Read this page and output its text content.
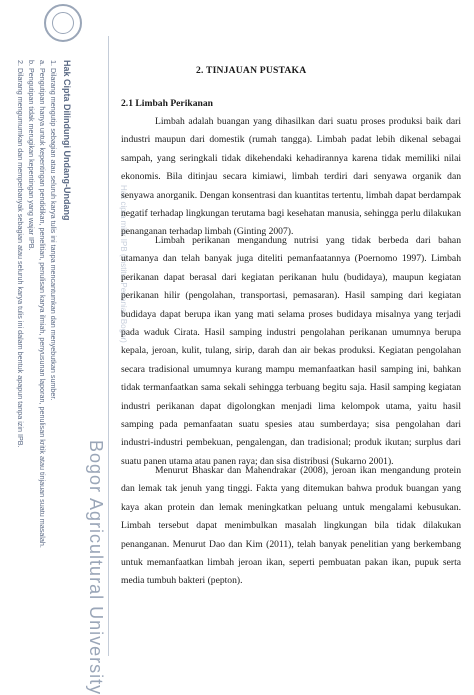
Hak Cipta Dilindungi Undang-Undang
1. Dilarang mengutip sebagian atau seluruh karya tulis ini tanpa mencantumkan dan menyebutkan sumber.
a. Pengutipan hanya untuk kepentingan pendidikan, penelitian, penulisan karya ilmiah, penyusunan laporan, penulisan kritik atau tinjauan suatu masalah.
b. Pengutipan tidak merugikan kepentingan yang wajar IPB.
2. Dilarang mengumumkan dan memperbanyak sebagian atau seluruh karya tulis ini dalam bentuk apapun tanpa izin IPB.
Bogor Agricultural University
Hak cipta milik IPB (Institut Pertanian Bogor)
2. TINJAUAN PUSTAKA
2.1 Limbah Perikanan

Limbah adalah buangan yang dihasilkan dari suatu proses produksi baik dari industri maupun dari domestik (rumah tangga). Limbah padat lebih dikenal sebagai sampah, yang seringkali tidak dikehendaki kehadirannya karena tidak memiliki nilai ekonomis. Bila ditinjau secara kimiawi, limbah terdiri dari senyawa organik dan senyawa anorganik. Dengan konsentrasi dan kuantitas tertentu, limbah dapat berdampak negatif terhadap lingkungan terutama bagi kesehatan manusia, sehingga perlu dilakukan penanganan terhadap limbah (Ginting 2007).

Limbah perikanan mengandung nutrisi yang tidak berbeda dari bahan utamanya dan telah banyak juga diteliti pemanfaatannya (Poernomo 1997). Limbah perikanan dapat berasal dari kegiatan perikanan hulu (budidaya), maupun kegiatan perikanan hilir (pengolahan, transportasi, pemasaran). Hasil samping dari kegiatan budidaya dapat berupa ikan yang mati selama proses budidaya misalnya yang terjadi pada waduk Cirata. Hasil samping industri pengolahan perikanan umumnya berupa kepala, jeroan, kulit, tulang, sirip, darah dan air bekas produksi. Kegiatan pengolahan secara tradisional umumnya kurang mampu memanfaatkan hasil samping ini, bahkan tidak termanfaatkan sama sekali sehingga terbuang begitu saja. Hasil samping kegiatan industri perikanan dapat digolongkan menjadi lima kelompok utama, yaitu hasil samping pada pemanfaatan suatu spesies atau sumberdaya; sisa pengolahan dari industri-industri pembekuan, pengalengan, dan tradisional; produk ikutan; surplus dari suatu panen utama atau panen raya; dan sisa distribusi (Sukarno 2001).

Menurut Bhaskar dan Mahendrakar (2008), jeroan ikan mengandung protein dan lemak tak jenuh yang tinggi. Fakta yang ditemukan bahwa produk buangan yang kaya akan protein dan lemak meningkatkan peluang untuk mengalami kebusukan. Limbah tersebut dapat menimbulkan masalah lingkungan bila tidak dilakukan penanganan. Menurut Dao dan Kim (2011), telah banyak penelitian yang berkembang untuk memanfaatkan limbah jeroan ikan, seperti pembuatan pakan ikan, pupuk serta media tumbuh bakteri (pepton).
